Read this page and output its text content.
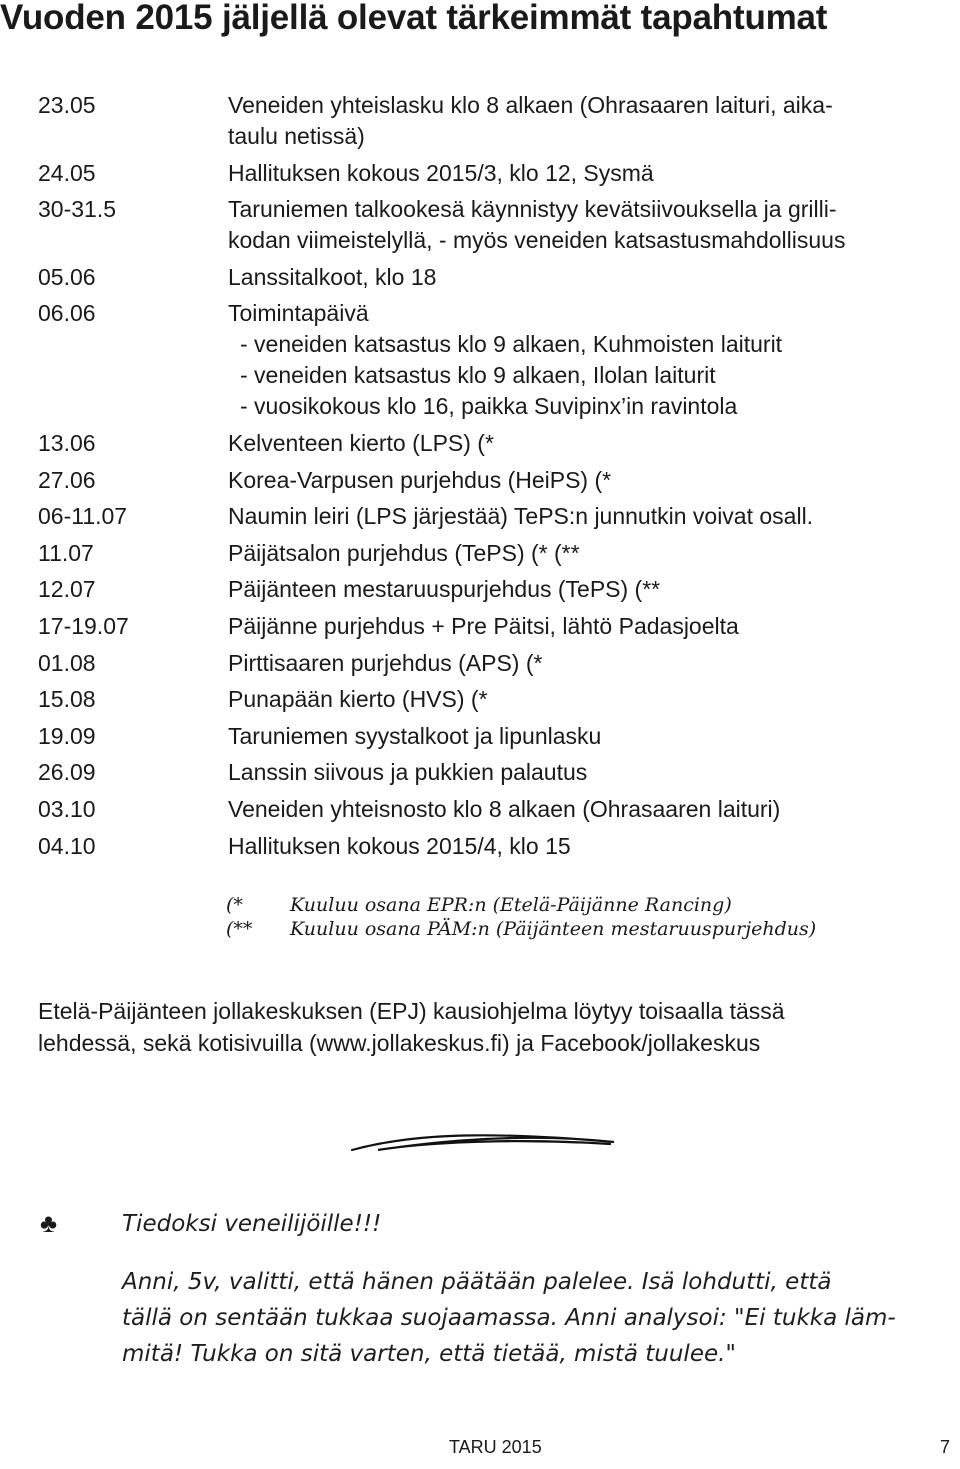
Vuoden 2015 jäljellä olevat tärkeimmät tapahtumat
23.05	Veneiden yhteislasku klo 8 alkaen (Ohrasaaren laituri, aika-
taulu netissä)
24.05	Hallituksen kokous 2015/3, klo 12, Sysmä
30-31.5	Taruniemen talkookesä käynnistyy kevätsiivouksella ja grilli-
kodan viimeistelyllä, - myös veneiden katsastusmahdollisuus
05.06	Lanssitalkoot, klo 18
06.06	Toimintapäivä
- veneiden katsastus klo 9 alkaen, Kuhmoisten laiturit
- veneiden katsastus klo 9 alkaen, Ilolan laiturit
- vuosikokous klo 16, paikka Suvipinx’in ravintola
13.06	Kelventeen kierto (LPS) (*
27.06	Korea-Varpusen purjehdus (HeiPS) (*
06-11.07	Naumin leiri (LPS järjestää) TePS:n junnutkin voivat osall.
11.07	Päijätsalon purjehdus (TePS) (* (**
12.07	Päijänteen mestaruuspurjehdus (TePS) (**
17-19.07	Päijänne purjehdus + Pre Päitsi, lähtö Padasjoelta
01.08	Pirttisaaren purjehdus (APS) (*
15.08	Punapään kierto (HVS) (*
19.09	Taruniemen syystalkoot ja lipunlasku
26.09	Lanssin siivous ja pukkien palautus
03.10	Veneiden yhteisnosto klo 8 alkaen (Ohrasaaren laituri)
04.10	Hallituksen kokous 2015/4, klo 15
(*	Kuuluu osana EPR:n (Etelä-Päijänne Rancing)
(**	Kuuluu osana PÄM:n (Päijänteen mestaruuspurjehdus)
Etelä-Päijänteen jollakeskuksen (EPJ) kausiohjelma löytyy toisaalla tässä
lehdessä, sekä kotisivuilla (www.jollakeskus.fi) ja Facebook/jollakeskus
♣	Tiedoksi veneilijöille!!!
Anni, 5v, valitti, että hänen päätään palelee. Isä lohdutti, että
tällä on sentään tukkaa suojaamassa. Anni analysoi: "Ei tukka läm-
mitä! Tukka on sitä varten, että tietää, mistä tuulee."
TARU 2015	7
